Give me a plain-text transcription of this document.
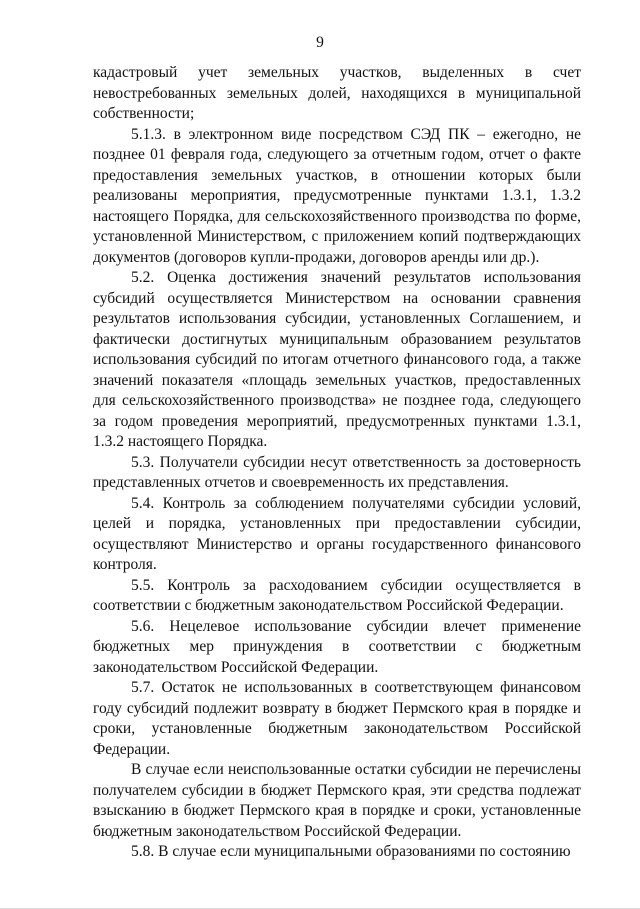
9

кадастровый учет земельных участков, выделенных в счет невостребованных земельных долей, находящихся в муниципальной собственности;

5.1.3. в электронном виде посредством СЭД ПК – ежегодно, не позднее 01 февраля года, следующего за отчетным годом, отчет о факте предоставления земельных участков, в отношении которых были реализованы мероприятия, предусмотренные пунктами 1.3.1, 1.3.2 настоящего Порядка, для сельскохозяйственного производства по форме, установленной Министерством, с приложением копий подтверждающих документов (договоров купли-продажи, договоров аренды или др.).

5.2. Оценка достижения значений результатов использования субсидий осуществляется Министерством на основании сравнения результатов использования субсидии, установленных Соглашением, и фактически достигнутых муниципальным образованием результатов использования субсидий по итогам отчетного финансового года, а также значений показателя «площадь земельных участков, предоставленных для сельскохозяйственного производства» не позднее года, следующего за годом проведения мероприятий, предусмотренных пунктами 1.3.1, 1.3.2 настоящего Порядка.

5.3. Получатели субсидии несут ответственность за достоверность представленных отчетов и своевременность их представления.

5.4. Контроль за соблюдением получателями субсидии условий, целей и порядка, установленных при предоставлении субсидии, осуществляют Министерство и органы государственного финансового контроля.

5.5. Контроль за расходованием субсидии осуществляется в соответствии с бюджетным законодательством Российской Федерации.

5.6. Нецелевое использование субсидии влечет применение бюджетных мер принуждения в соответствии с бюджетным законодательством Российской Федерации.

5.7. Остаток не использованных в соответствующем финансовом году субсидий подлежит возврату в бюджет Пермского края в порядке и сроки, установленные бюджетным законодательством Российской Федерации.

В случае если неиспользованные остатки субсидии не перечислены получателем субсидии в бюджет Пермского края, эти средства подлежат взысканию в бюджет Пермского края в порядке и сроки, установленные бюджетным законодательством Российской Федерации.

5.8. В случае если муниципальными образованиями по состоянию
